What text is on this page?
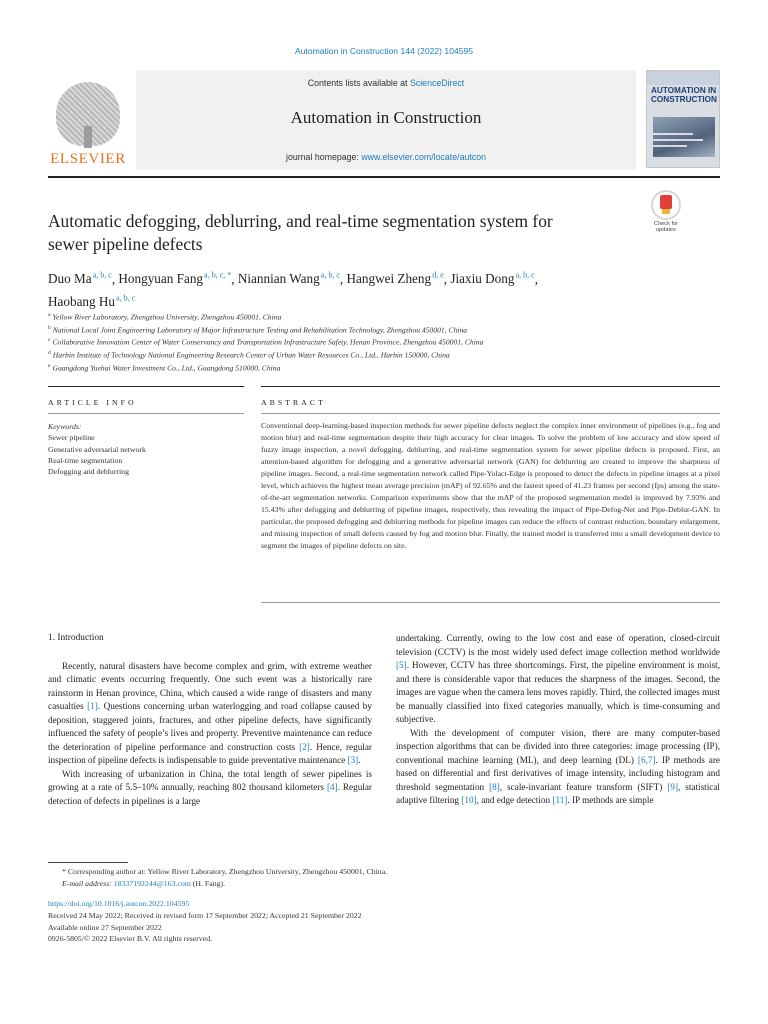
Automation in Construction 144 (2022) 104595
ELSEVIER
Contents lists available at ScienceDirect
Automation in Construction
journal homepage: www.elsevier.com/locate/autcon
AUTOMATION IN CONSTRUCTION
Automatic defogging, deblurring, and real-time segmentation system for
sewer pipeline defects
Check for updates
Duo Ma $^{a, b, c}$, Hongyuan Fang $^{a, b, c, *}$, Niannian Wang $^{a, b, c}$, Hangwei Zheng $^{d, e}$, Jiaxiu Dong $^{a, b, c}$,
Haobang Hu $^{a, b, c}$
$^a$ Yellow River Laboratory, Zhengzhou University, Zhengzhou 450001, China
$^b$ National Local Joint Engineering Laboratory of Major Infrastructure Testing and Rehabilitation Technology, Zhengzhou 450001, China
$^c$ Collaborative Innovation Center of Water Conservancy and Transportation Infrastructure Safety, Henan Province, Zhengzhou 450001, China
$^d$ Harbin Institute of Technology National Engineering Research Center of Urban Water Resources Co., Ltd., Harbin 150000, China
$^e$ Guangdong Yuehai Water Investment Co., Ltd., Guangdong 510000, China
ARTICLE INFO	ABSTRACT
Keywords:
Sewer pipeline
Generative adversarial network
Real-time segmentation
Defogging and deblurring
Conventional deep-learning-based inspection methods for sewer pipeline defects neglect the complex inner environment of pipelines (e.g., fog and motion blur) and real-time segmentation despite their high accuracy for clear images. To solve the problem of low accuracy and slow speed of fuzzy image inspection, a novel defogging, deblurring, and real-time segmentation system for sewer pipeline defects is proposed. First, an attention-based algorithm for defogging and a generative adversarial network (GAN) for deblurring are created to improve the sharpness of pipeline images. Second, a real-time segmentation network called Pipe-Yolact-Edge is proposed to detect the defects in pipeline images at a pixel level, which achieves the highest mean average precision (mAP) of 92.65% and the fastest speed of 41.23 frames per second (fps) among the state-of-the-art segmentation networks. Comparison experiments show that the mAP of the proposed segmentation model is improved by 7.93% and 15.43% after defogging and deblurring of pipeline images, respectively, thus revealing the impact of Pipe-Defog-Net and Pipe-Deblur-GAN. In particular, the proposed defogging and deblurring methods for pipeline images can reduce the effects of contrast reduction, boundary enlargement, and missing inspection of small defects caused by fog and motion blur. Finally, the trained model is transferred into a small development device to segment the images of pipeline defects on site.
1. Introduction

Recently, natural disasters have become complex and grim, with extreme weather and climatic events occurring frequently. One such event was a historically rare rainstorm in Henan province, China, which caused a wide range of disasters and many casualties [1]. Questions concerning urban waterlogging and road collapse caused by deposition, staggered joints, fractures, and other pipeline defects, have significantly influenced the safety of people’s lives and property. Preventive maintenance can reduce the deterioration of pipeline performance and construction costs [2]. Hence, regular inspection of pipeline defects is indispensable to guide preventative maintenance [3].

With increasing of urbanization in China, the total length of sewer pipelines is growing at a rate of 5.5–10% annually, reaching 802 thousand kilometers [4]. Regular detection of defects in pipelines is a large

undertaking. Currently, owing to the low cost and ease of operation, closed-circuit television (CCTV) is the most widely used defect image collection method worldwide [5]. However, CCTV has three shortcomings. First, the pipeline environment is moist, and there is considerable vapor that reduces the sharpness of the images. Second, the images are vague when the camera lens moves rapidly. Third, the collected images must be manually classified into fixed categories manually, which is time-consuming and subjective.

With the development of computer vision, there are many computer-based inspection algorithms that can be divided into three categories: image processing (IP), conventional machine learning (ML), and deep learning (DL) [6,7]. IP methods are based on differential and first derivatives of image intensity, including histogram and threshold segmentation [8], scale-invariant feature transform (SIFT) [9], statistical adaptive filtering [10], and edge detection [11]. IP methods are simple

* Corresponding author at: Yellow River Laboratory, Zhengzhou University, Zhengzhou 450001, China.
E-mail address: 18337192244@163.com (H. Fang).
https://doi.org/10.1016/j.autcon.2022.104595
Received 24 May 2022; Received in revised form 17 September 2022; Accepted 21 September 2022
Available online 27 September 2022
0926-5805/© 2022 Elsevier B.V. All rights reserved.
